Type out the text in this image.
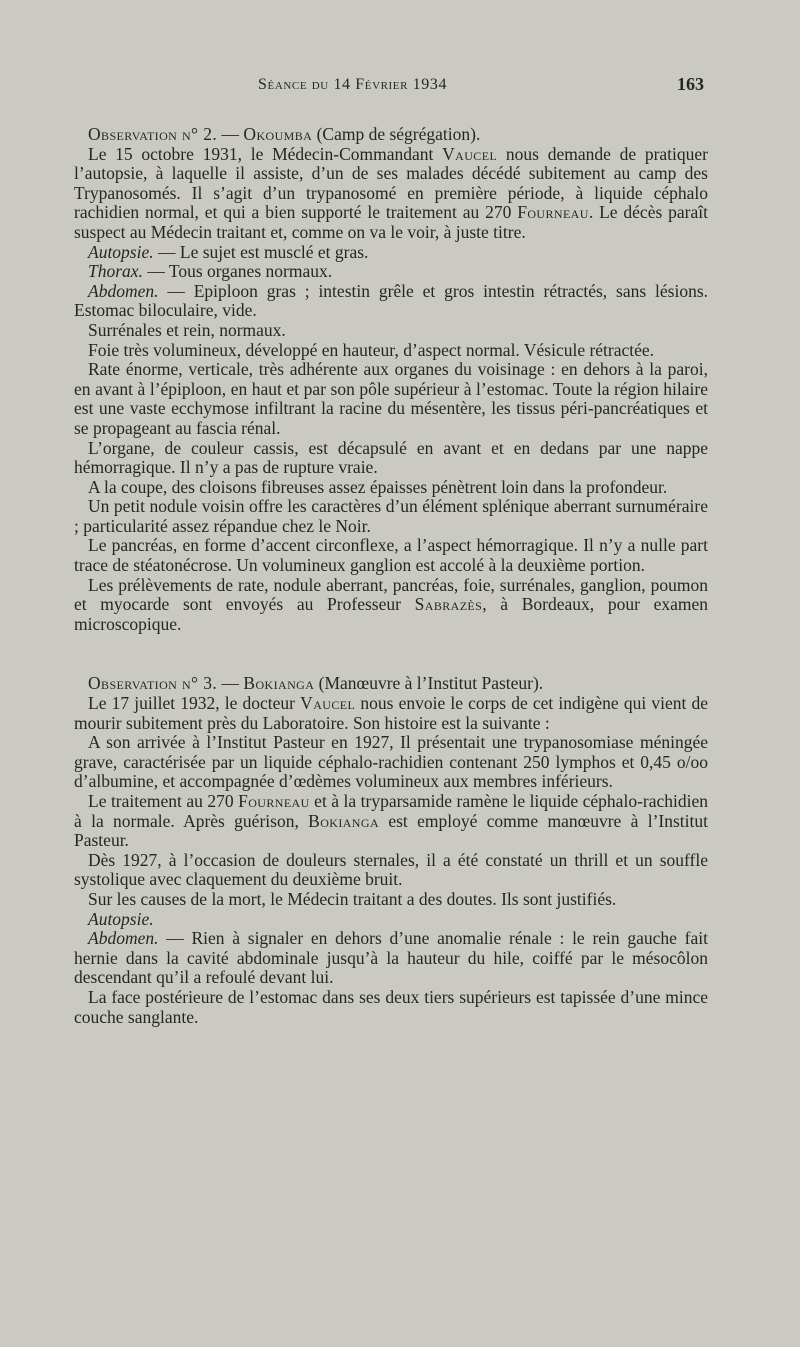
Séance du 14 Février 1934	163

Observation n° 2. — Okoumba (Camp de ségrégation).

Le 15 octobre 1931, le Médecin-Commandant Vaucel nous demande de pratiquer l’autopsie, à laquelle il assiste, d’un de ses malades décédé subitement au camp des Trypanosomés. Il s’agit d’un trypanosomé en première période, à liquide céphalo rachidien normal, et qui a bien supporté le traitement au 270 Fourneau. Le décès paraît suspect au Médecin traitant et, comme on va le voir, à juste titre.

Autopsie. — Le sujet est musclé et gras.

Thorax. — Tous organes normaux.

Abdomen. — Epiploon gras ; intestin grêle et gros intestin rétractés, sans lésions. Estomac biloculaire, vide.

Surrénales et rein, normaux.

Foie très volumineux, développé en hauteur, d’aspect normal. Vésicule rétractée.

Rate énorme, verticale, très adhérente aux organes du voisinage : en dehors à la paroi, en avant à l’épiploon, en haut et par son pôle supérieur à l’estomac. Toute la région hilaire est une vaste ecchymose infiltrant la racine du mésentère, les tissus péri-pancréatiques et se propageant au fascia rénal.

L’organe, de couleur cassis, est décapsulé en avant et en dedans par une nappe hémorragique. Il n’y a pas de rupture vraie.

A la coupe, des cloisons fibreuses assez épaisses pénètrent loin dans la profondeur.

Un petit nodule voisin offre les caractères d’un élément splénique aberrant surnuméraire ; particularité assez répandue chez le Noir.

Le pancréas, en forme d’accent circonflexe, a l’aspect hémorragique. Il n’y a nulle part trace de stéatonécrose. Un volumineux ganglion est accolé à la deuxième portion.

Les prélèvements de rate, nodule aberrant, pancréas, foie, surrénales, ganglion, poumon et myocarde sont envoyés au Professeur Sabrazès, à Bordeaux, pour examen microscopique.

Observation n° 3. — Bokianga (Manœuvre à l’Institut Pasteur).

Le 17 juillet 1932, le docteur Vaucel nous envoie le corps de cet indigène qui vient de mourir subitement près du Laboratoire. Son histoire est la suivante :

A son arrivée à l’Institut Pasteur en 1927, Il présentait une trypanosomiase méningée grave, caractérisée par un liquide céphalo-rachidien contenant 250 lymphos et 0,45 o/oo d’albumine, et accompagnée d’œdèmes volumineux aux membres inférieurs.

Le traitement au 270 Fourneau et à la tryparsamide ramène le liquide céphalo-rachidien à la normale. Après guérison, Bokianga est employé comme manœuvre à l’Institut Pasteur.

Dès 1927, à l’occasion de douleurs sternales, il a été constaté un thrill et un souffle systolique avec claquement du deuxième bruit.

Sur les causes de la mort, le Médecin traitant a des doutes. Ils sont justifiés.

Autopsie.

Abdomen. — Rien à signaler en dehors d’une anomalie rénale : le rein gauche fait hernie dans la cavité abdominale jusqu’à la hauteur du hile, coiffé par le mésocôlon descendant qu’il a refoulé devant lui.

La face postérieure de l’estomac dans ses deux tiers supérieurs est tapissée d’une mince couche sanglante.
